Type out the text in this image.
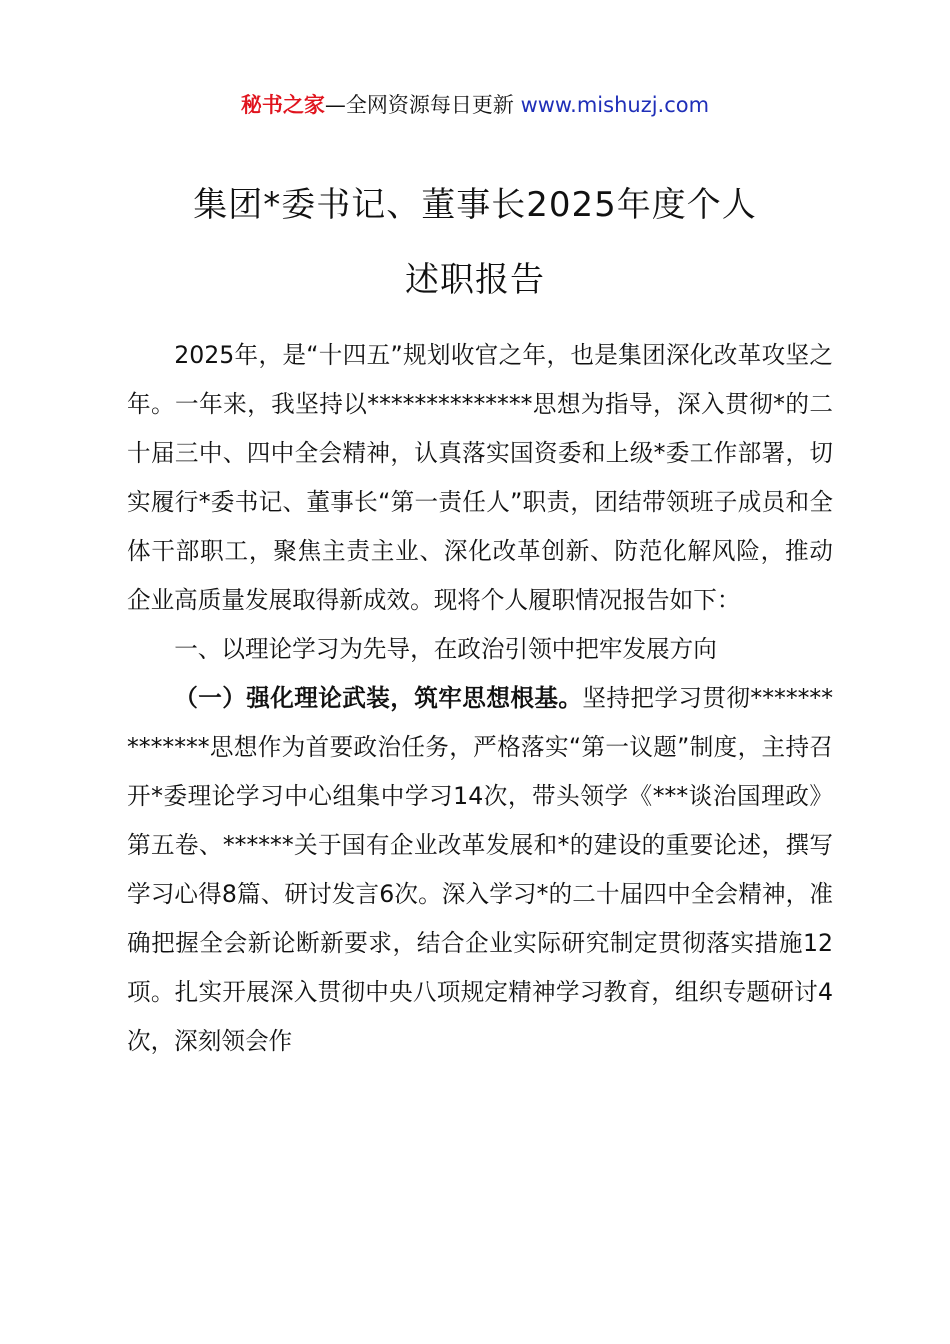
秘书之家—全网资源每日更新 www.mishuzj.com
集团*委书记、董事长2025年度个人
述职报告

2025年，是“十四五”规划收官之年，也是集团深化改革攻坚之年。一年来，我坚持以**************思想为指导，深入贯彻*的二十届三中、四中全会精神，认真落实国资委和上级*委工作部署，切实履行*委书记、董事长“第一责任人”职责，团结带领班子成员和全体干部职工，聚焦主责主业、深化改革创新、防范化解风险，推动企业高质量发展取得新成效。现将个人履职情况报告如下：

一、以理论学习为先导，在政治引领中把牢发展方向

（一）强化理论武装，筑牢思想根基。坚持把学习贯彻**************思想作为首要政治任务，严格落实“第一议题”制度，主持召开*委理论学习中心组集中学习14次，带头领学《***谈治国理政》第五卷、******关于国有企业改革发展和*的建设的重要论述，撰写学习心得8篇、研讨发言6次。深入学习*的二十届四中全会精神，准确把握全会新论断新要求，结合企业实际研究制定贯彻落实措施12项。扎实开展深入贯彻中央八项规定精神学习教育，组织专题研讨4次，深刻领会作
